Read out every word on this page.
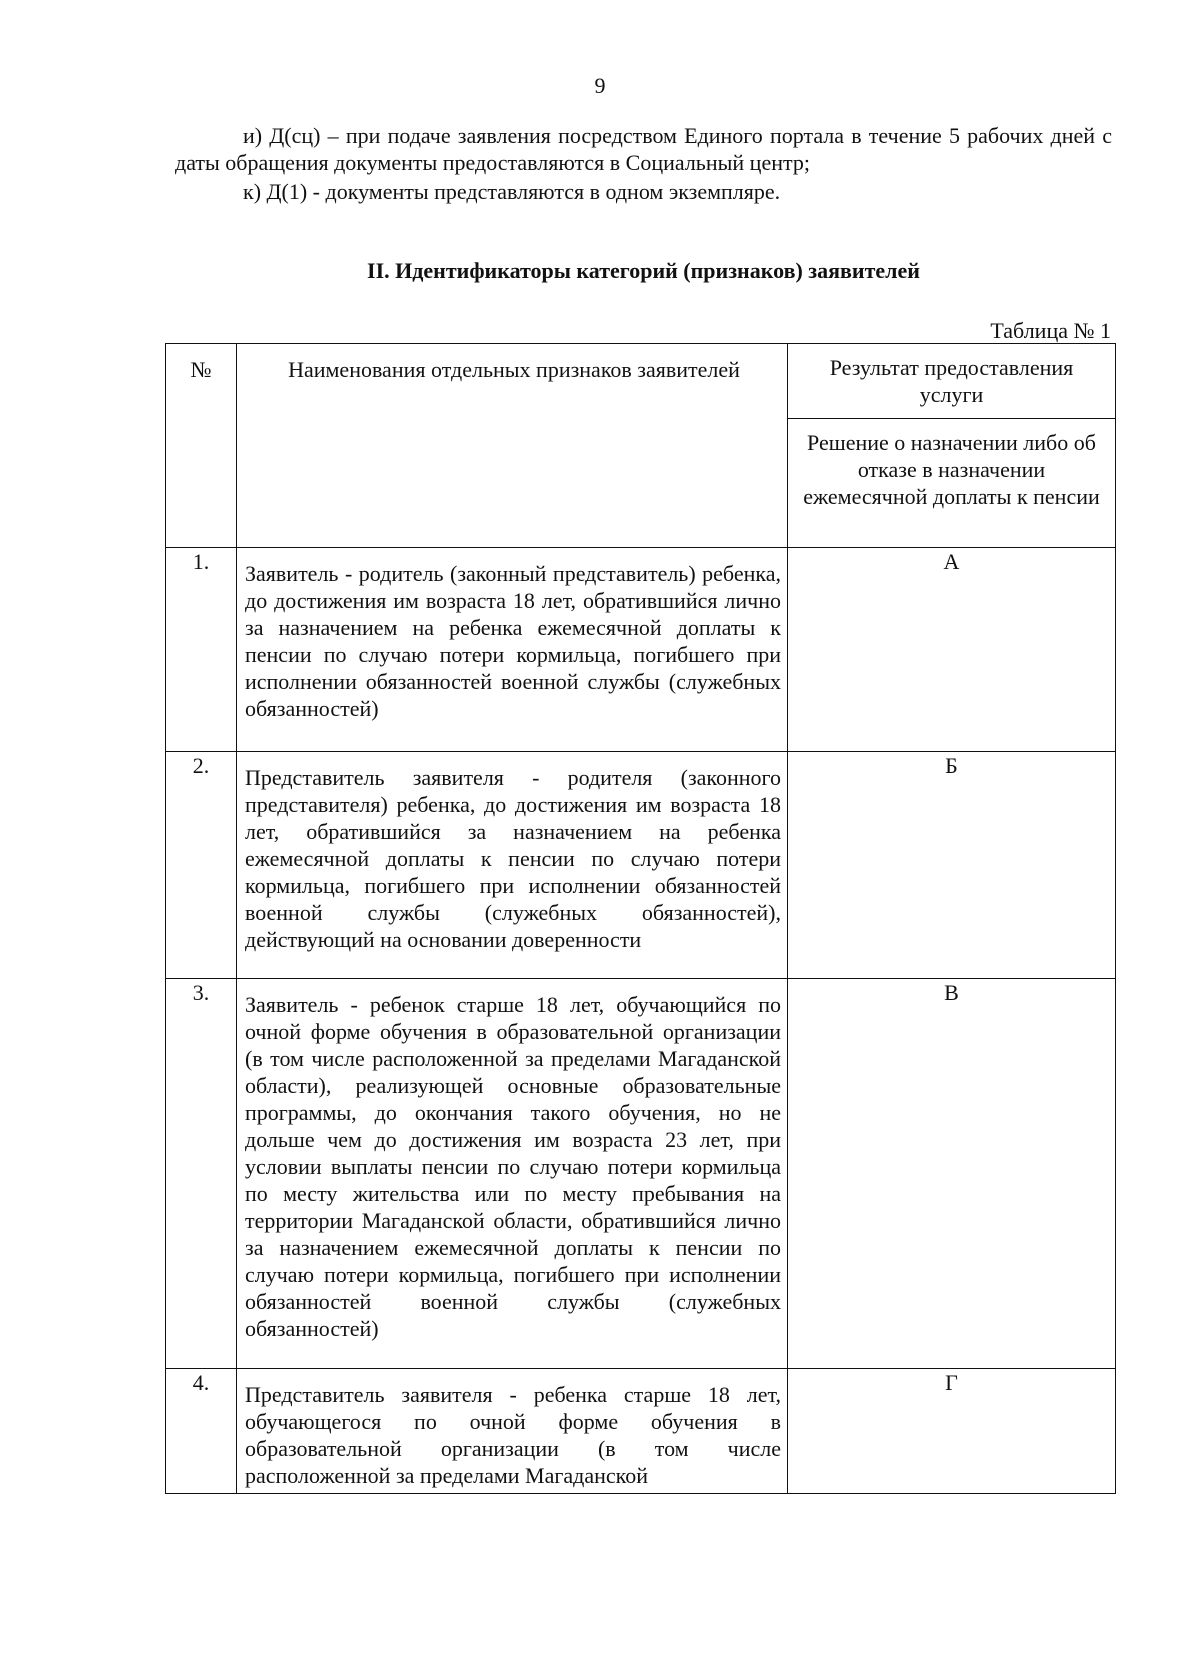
9
и) Д(сц) – при подаче заявления посредством Единого портала в течение 5 рабочих дней с даты обращения документы предоставляются в Социальный центр;
к) Д(1) - документы представляются в одном экземпляре.
II. Идентификаторы категорий (признаков) заявителей
Таблица № 1
№	Наименования отдельных признаков заявителей	Результат предоставления услуги
		Решение о назначении либо об отказе в назначении ежемесячной доплаты к пенсии
1.	Заявитель - родитель (законный представитель) ребенка, до достижения им возраста 18 лет, обратившийся лично за назначением на ребенка ежемесячной доплаты к пенсии по случаю потери кормильца, погибшего при исполнении обязанностей военной службы (служебных обязанностей)	А
2.	Представитель заявителя - родителя (законного представителя) ребенка, до достижения им возраста 18 лет, обратившийся за назначением на ребенка ежемесячной доплаты к пенсии по случаю потери кормильца, погибшего при исполнении обязанностей военной службы (служебных обязанностей), действующий на основании доверенности	Б
3.	Заявитель - ребенок старше 18 лет, обучающийся по очной форме обучения в образовательной организации (в том числе расположенной за пределами Магаданской области), реализующей основные образовательные программы, до окончания такого обучения, но не дольше чем до достижения им возраста 23 лет, при условии выплаты пенсии по случаю потери кормильца по месту жительства или по месту пребывания на территории Магаданской области, обратившийся лично за назначением ежемесячной доплаты к пенсии по случаю потери кормильца, погибшего при исполнении обязанностей военной службы (служебных обязанностей)	В
4.	Представитель заявителя - ребенка старше 18 лет, обучающегося по очной форме обучения в образовательной организации (в том числе расположенной за пределами Магаданской	Г
